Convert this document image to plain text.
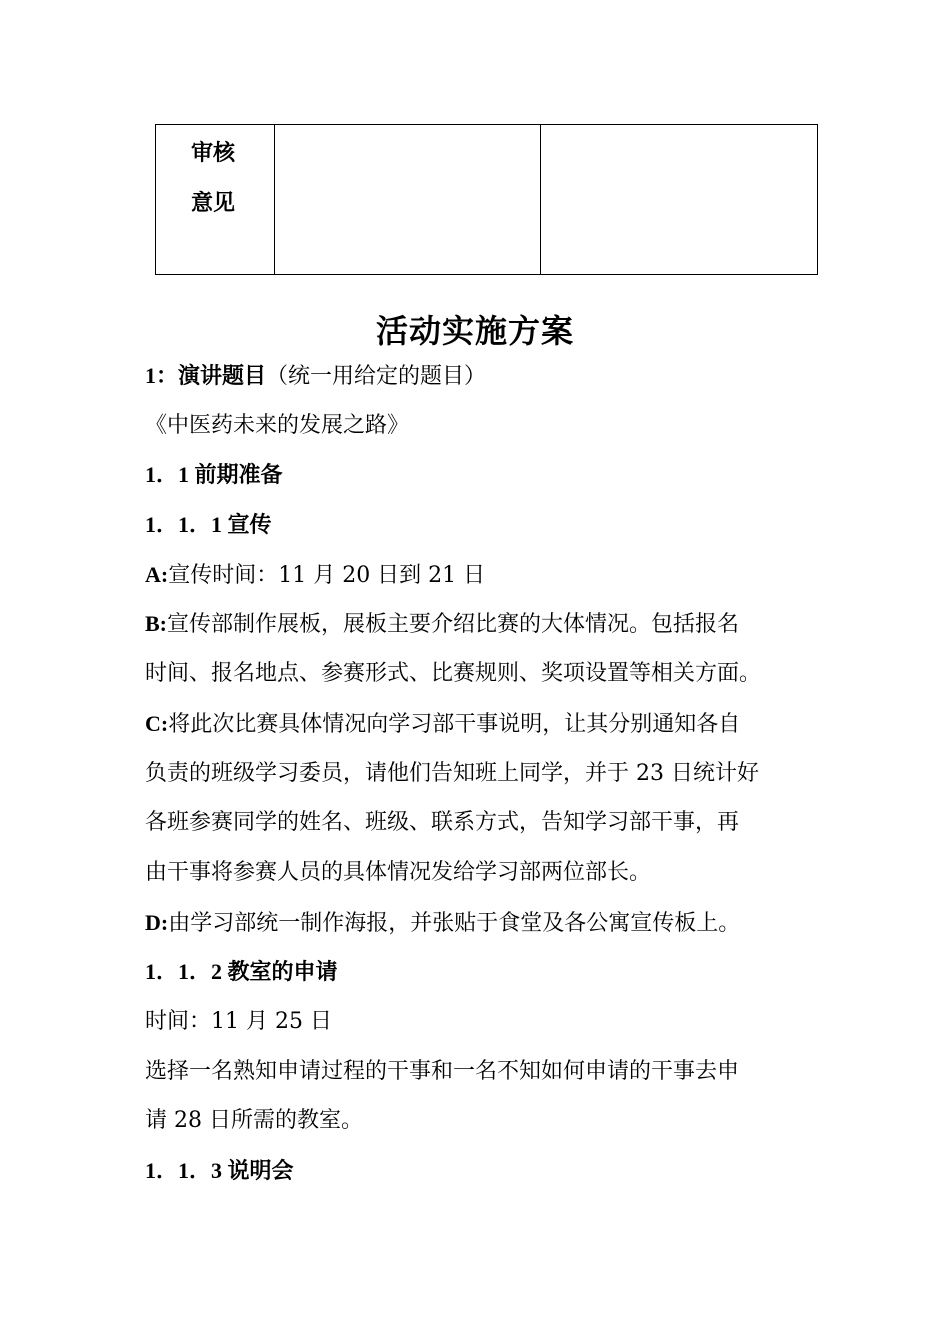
审核
意见

活动实施方案
1：演讲题目（统一用给定的题目）
《中医药未来的发展之路》
1．1 前期准备
1．1．1 宣传
A:宣传时间：11 月 20 日到 21 日
B:宣传部制作展板，展板主要介绍比赛的大体情况。包括报名
时间、报名地点、参赛形式、比赛规则、奖项设置等相关方面。
C:将此次比赛具体情况向学习部干事说明，让其分别通知各自
负责的班级学习委员，请他们告知班上同学，并于 23 日统计好
各班参赛同学的姓名、班级、联系方式，告知学习部干事，再
由干事将参赛人员的具体情况发给学习部两位部长。
D:由学习部统一制作海报，并张贴于食堂及各公寓宣传板上。
1．1．2 教室的申请
时间：11 月 25 日
选择一名熟知申请过程的干事和一名不知如何申请的干事去申
请 28 日所需的教室。
1．1．3 说明会
